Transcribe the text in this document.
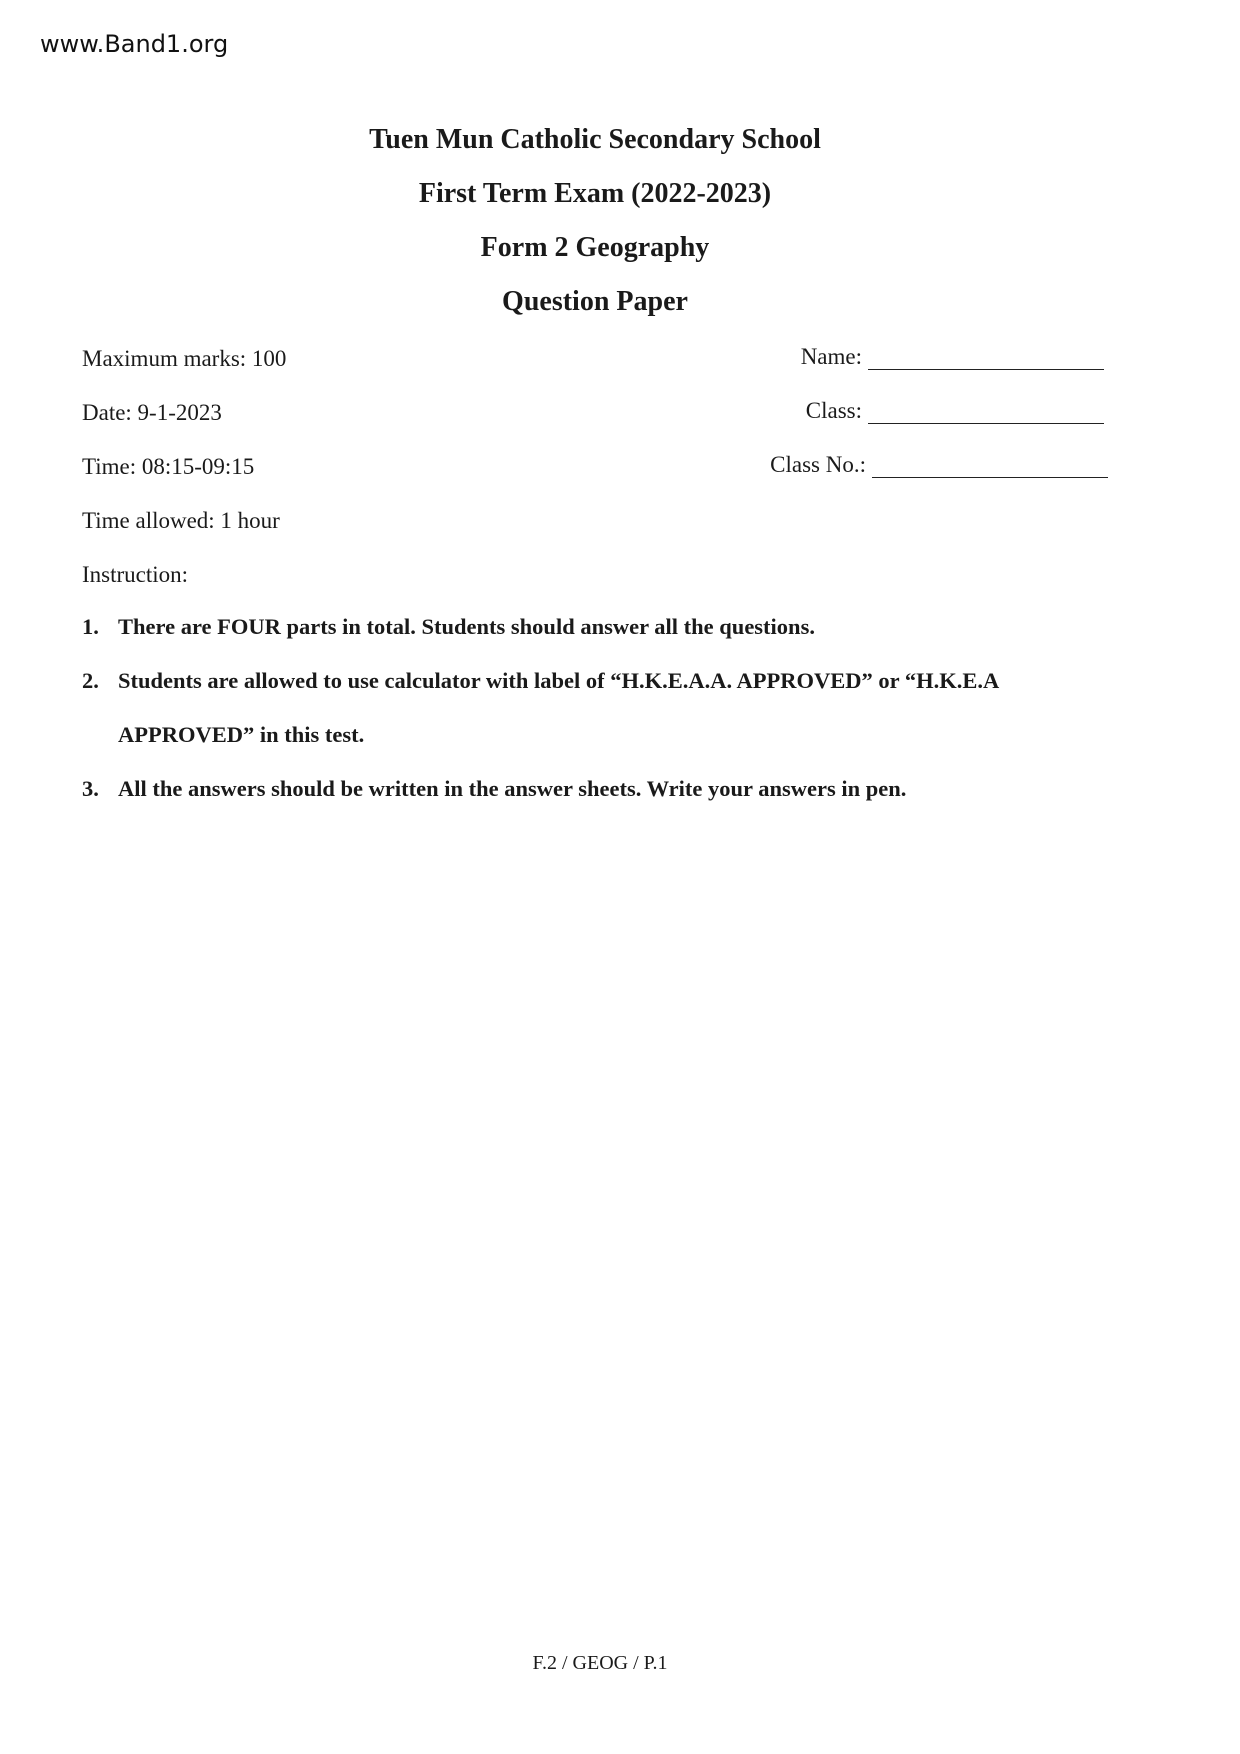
www.Band1.org
Tuen Mun Catholic Secondary School
First Term Exam (2022-2023)
Form 2 Geography
Question Paper
Maximum marks: 100
Date: 9-1-2023
Time: 08:15-09:15
Time allowed: 1 hour
Instruction:
Name:
Class:
Class No.:
1. There are FOUR parts in total. Students should answer all the questions.
2. Students are allowed to use calculator with label of “H.K.E.A.A. APPROVED” or “H.K.E.A
APPROVED” in this test.
3. All the answers should be written in the answer sheets. Write your answers in pen.
F.2 / GEOG / P.1
